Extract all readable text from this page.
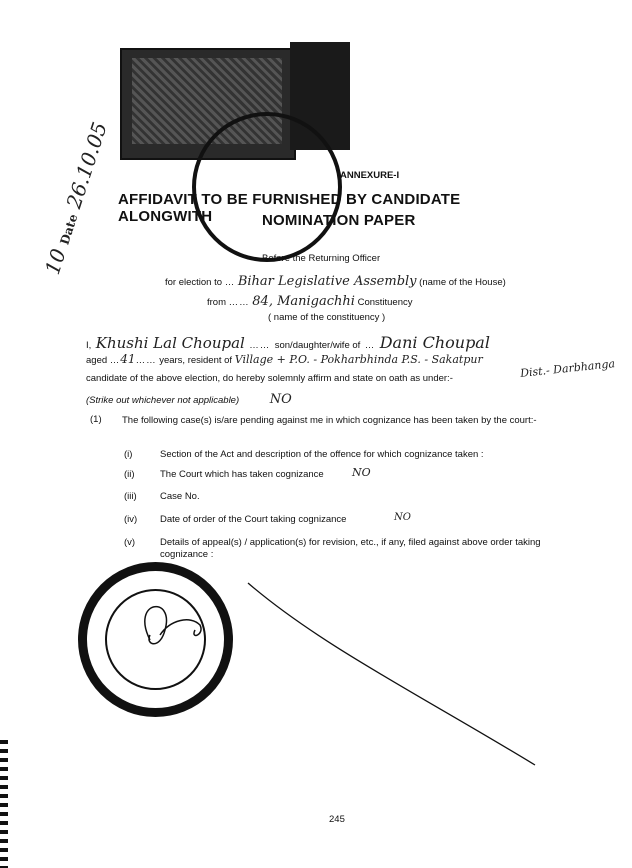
10 Date 26.10.05	ANNEXURE-I
AFFIDAVIT TO BE FURNISHED BY CANDIDATE ALONGWITH	NOMINATION PAPER
Before the Returning Officer
for election to … Bihar Legislative Assembly (name of the House)
from …… 84, Manigachhi Constituency
( name of the constituency )
I, Khushi Lal Choupal …… son/daughter/wife of … Dani Choupal
aged …41…… years, resident of Village + P.O. - Pokharbhinda P.S. - Sakatpur
candidate of the above election, do hereby solemnly affirm and state on oath as under:-	Dist.- Darbhanga
(Strike out whichever not applicable) NO
(1) The following case(s) is/are pending against me in which cognizance has been taken by the court:-
(i)	Section of the Act and description of the offence for which cognizance taken :
(ii)	The Court which has taken cognizance	NO
(iii) Case No.
(iv) Date of order of the Court taking cognizance	NO
(v)	Details of appeal(s) / application(s) for revision, etc., if any, filed against above order taking cognizance :
245
